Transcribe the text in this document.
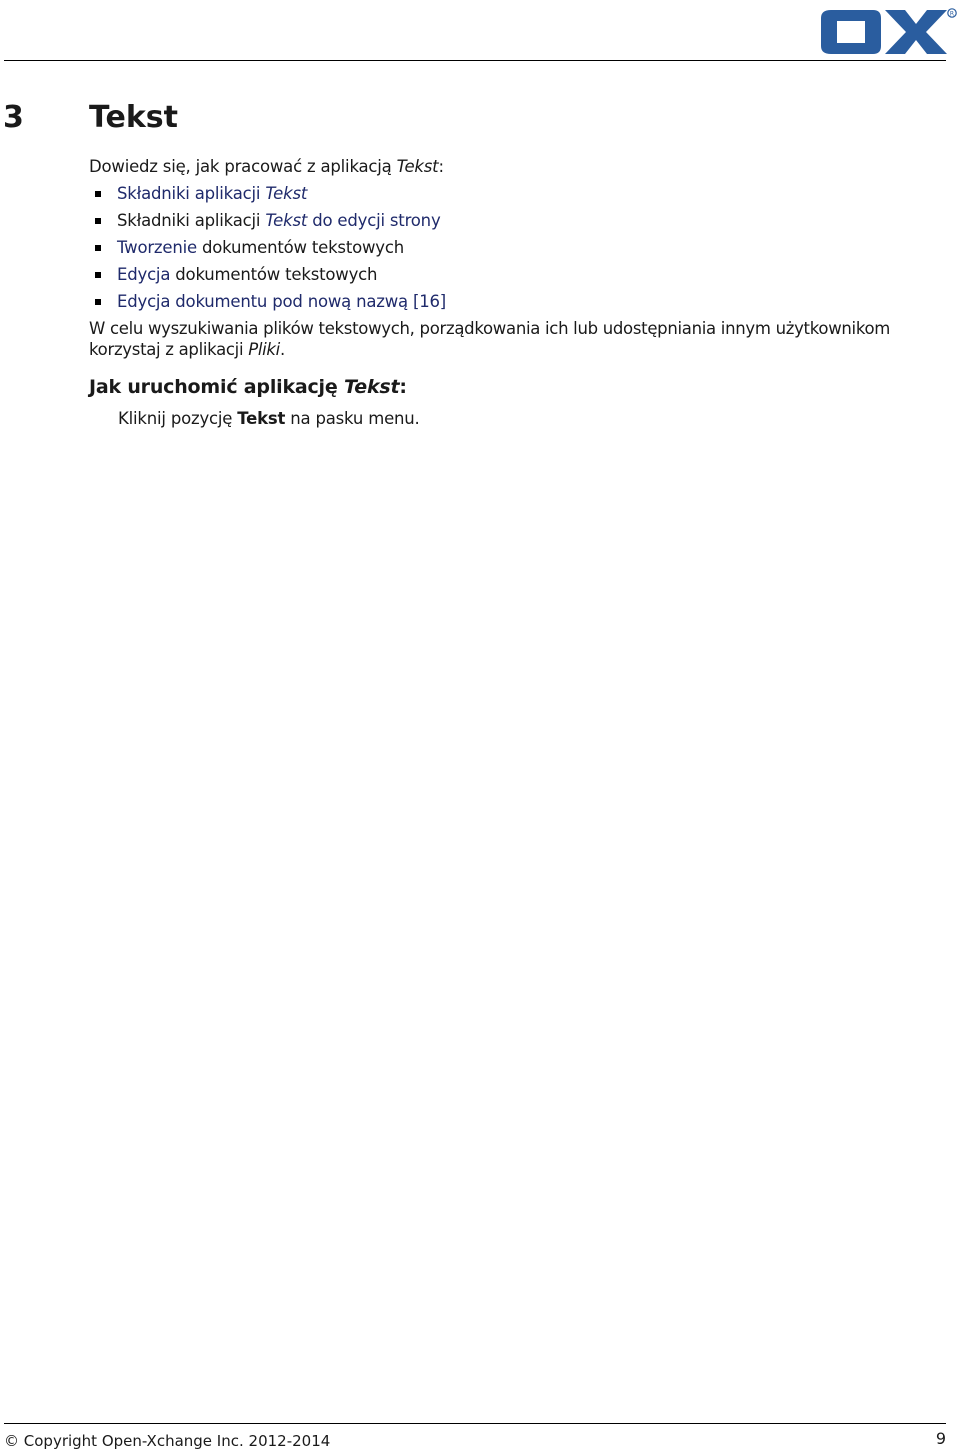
R
3 Tekst

Dowiedz się, jak pracować z aplikacją Tekst:

Składniki aplikacji Tekst
Składniki aplikacji Tekst do edycji strony
Tworzenie dokumentów tekstowych
Edycja dokumentów tekstowych
Edycja dokumentu pod nową nazwą [16]

W celu wyszukiwania plików tekstowych, porządkowania ich lub udostępniania innym użytkownikom korzystaj z aplikacji Pliki.

Jak uruchomić aplikację Tekst:

Kliknij pozycję Tekst na pasku menu.

© Copyright Open-Xchange Inc. 2012-2014	9
